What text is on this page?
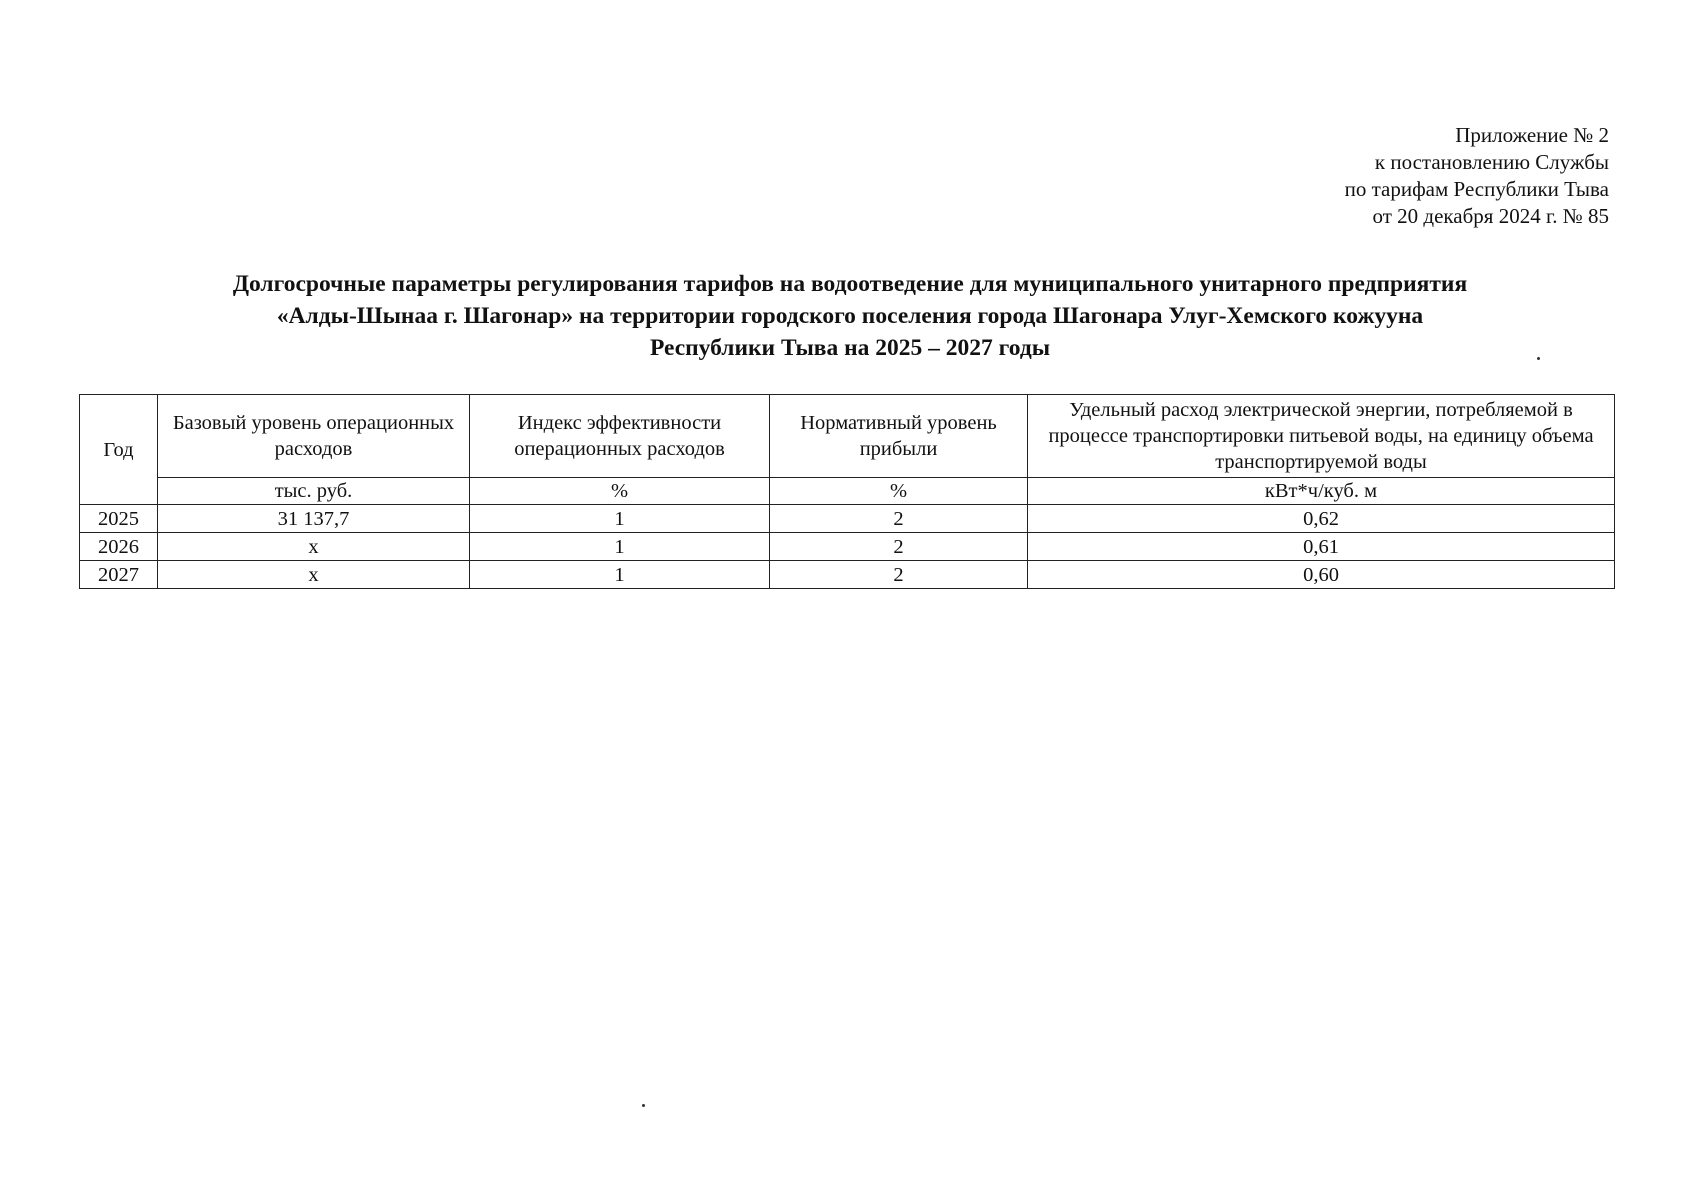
Приложение № 2
к постановлению Службы
по тарифам Республики Тыва
от 20 декабря 2024 г. № 85
Долгосрочные параметры регулирования тарифов на водоотведение для муниципального унитарного предприятия
«Алды-Шынаа г. Шагонар» на территории городского поселения города Шагонара Улуг-Хемского кожууна
Республики Тыва на 2025 – 2027 годы
Год	Базовый уровень операционных расходов	Индекс эффективности операционных расходов	Нормативный уровень прибыли	Удельный расход электрической энергии, потребляемой в процессе транспортировки питьевой воды, на единицу объема транспортируемой воды
	тыс. руб.	%	%	кВт*ч/куб. м
2025	31 137,7	1	2	0,62
2026	х	1	2	0,61
2027	х	1	2	0,60
